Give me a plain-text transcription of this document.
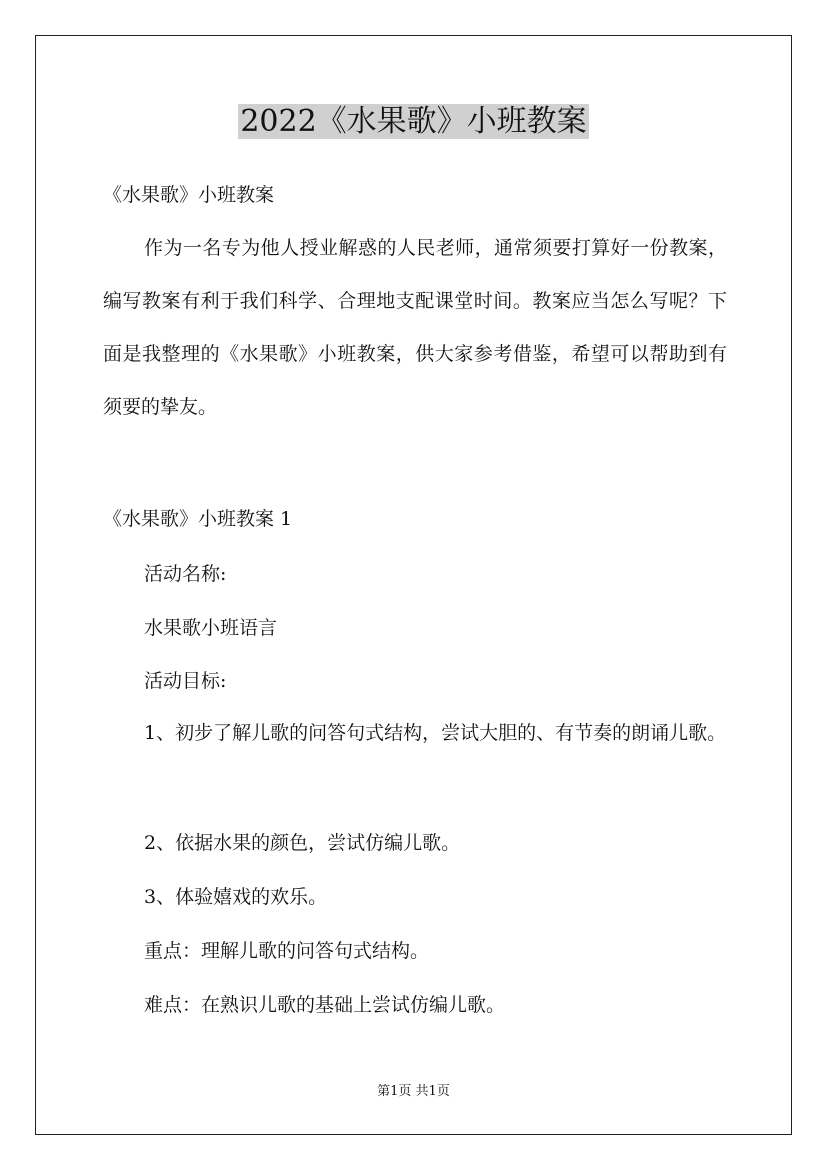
2022《水果歌》小班教案

《水果歌》小班教案

作为一名专为他人授业解惑的人民老师，通常须要打算好一份教案，编写教案有利于我们科学、合理地支配课堂时间。教案应当怎么写呢？下面是我整理的《水果歌》小班教案，供大家参考借鉴，希望可以帮助到有须要的挚友。

《水果歌》小班教案 1

活动名称:

水果歌小班语言

活动目标:

1、初步了解儿歌的问答句式结构，尝试大胆的、有节奏的朗诵儿歌。

2、依据水果的颜色，尝试仿编儿歌。

3、体验嬉戏的欢乐。

重点：理解儿歌的问答句式结构。

难点：在熟识儿歌的基础上尝试仿编儿歌。

第1页 共1页
